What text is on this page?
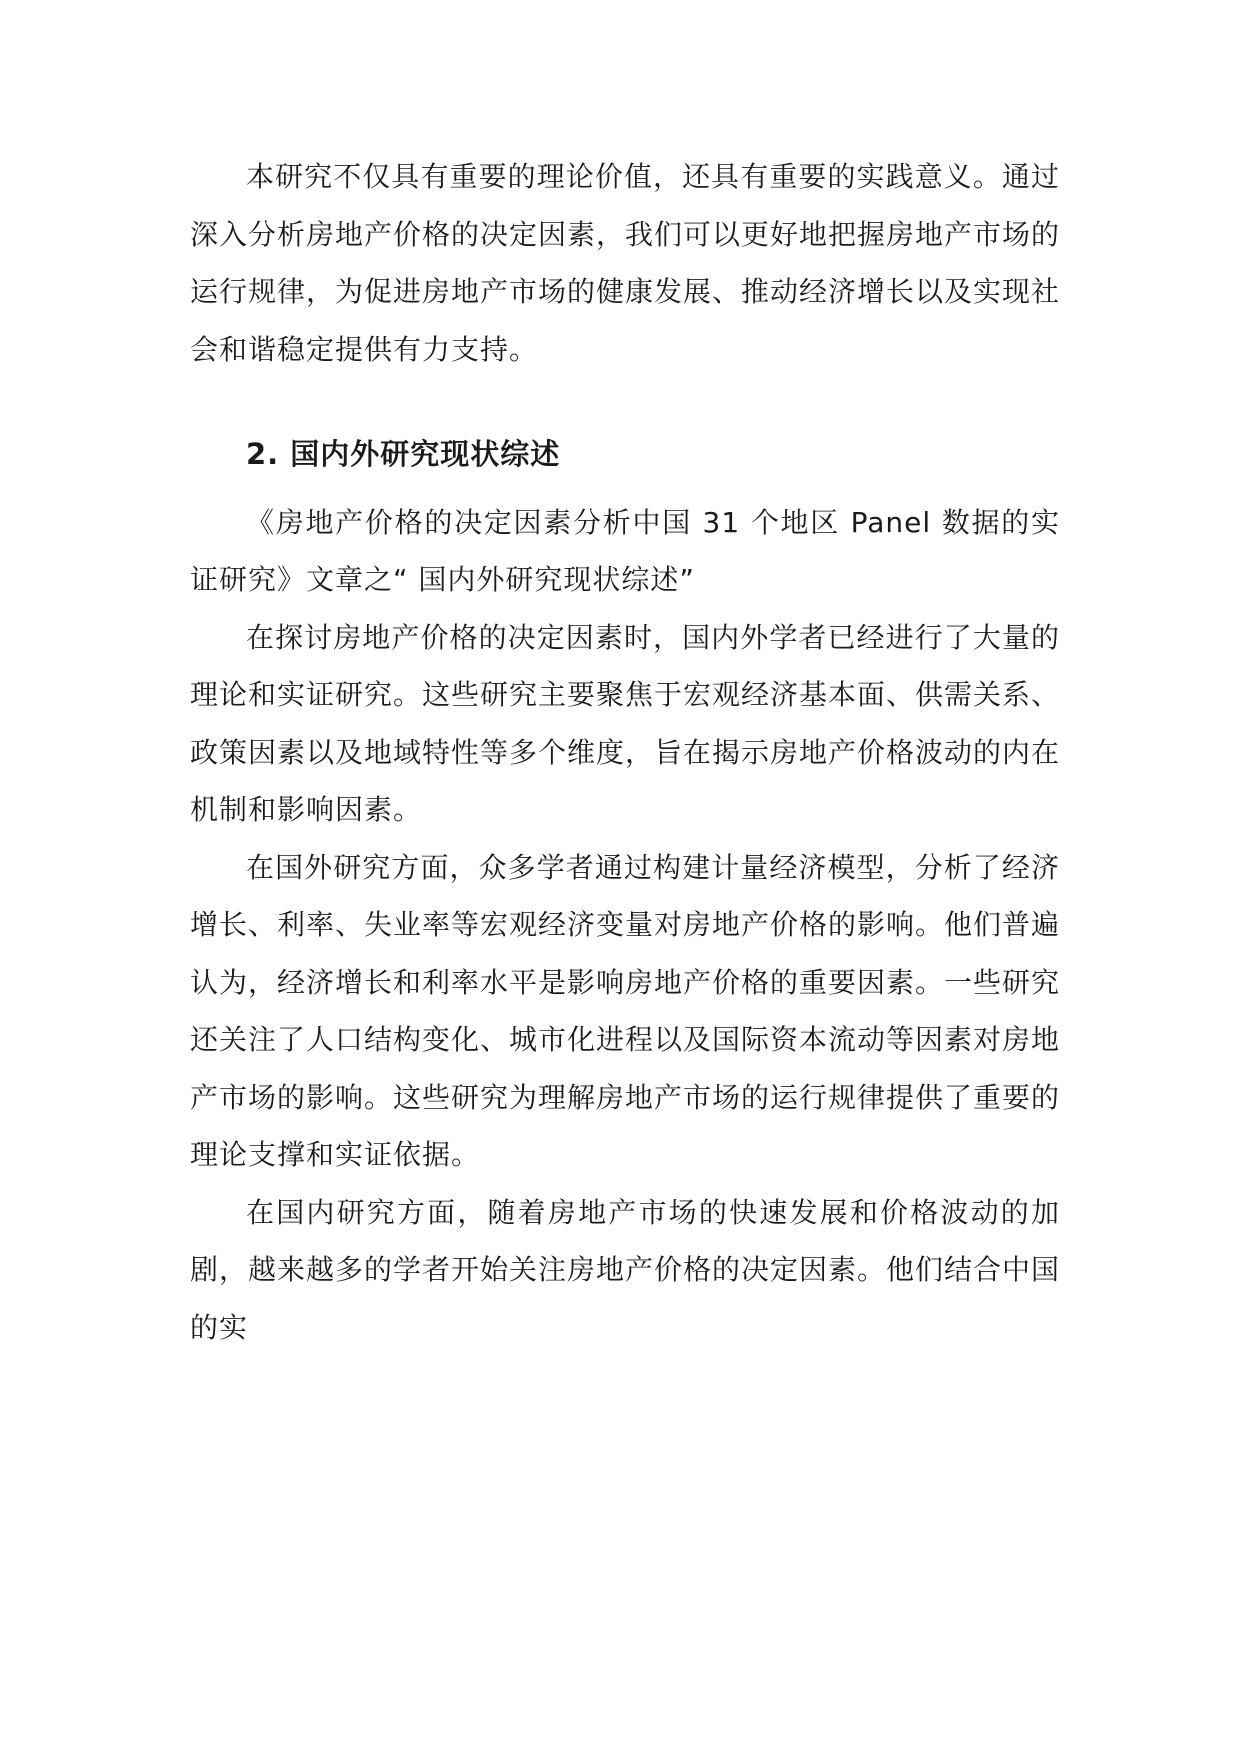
本研究不仅具有重要的理论价值，还具有重要的实践意义。通过深入分析房地产价格的决定因素，我们可以更好地把握房地产市场的运行规律，为促进房地产市场的健康发展、推动经济增长以及实现社会和谐稳定提供有力支持。

2. 国内外研究现状综述

《房地产价格的决定因素分析中国 31 个地区 Panel 数据的实证研究》文章之“ 国内外研究现状综述”

在探讨房地产价格的决定因素时，国内外学者已经进行了大量的理论和实证研究。这些研究主要聚焦于宏观经济基本面、供需关系、政策因素以及地域特性等多个维度，旨在揭示房地产价格波动的内在机制和影响因素。

在国外研究方面，众多学者通过构建计量经济模型，分析了经济增长、利率、失业率等宏观经济变量对房地产价格的影响。他们普遍认为，经济增长和利率水平是影响房地产价格的重要因素。一些研究还关注了人口结构变化、城市化进程以及国际资本流动等因素对房地产市场的影响。这些研究为理解房地产市场的运行规律提供了重要的理论支撑和实证依据。

在国内研究方面，随着房地产市场的快速发展和价格波动的加剧，越来越多的学者开始关注房地产价格的决定因素。他们结合中国的实
